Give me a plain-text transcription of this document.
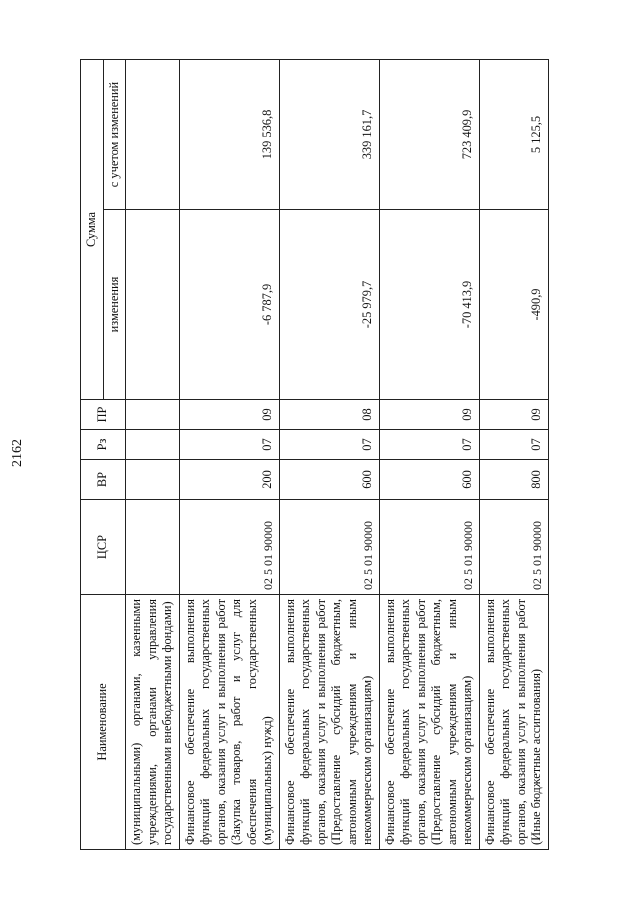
2162
Наименование	ЦСР	ВР	Рз	ПР	Сумма	
					изменения	с учетом изменений
(муниципальными) органами, казенными учреждениями, органами управления государственными внебюджетными фондами)						
Финансовое обеспечение выполнения функций федеральных государственных органов, оказания услуг и выполнения работ (Закупка товаров, работ и услуг для обеспечения государственных (муниципальных) нужд)	02 5 01 90000	200	07	09	-6 787,9	139 536,8
Финансовое обеспечение выполнения функций федеральных государственных органов, оказания услуг и выполнения работ (Предоставление субсидий бюджетным, автономным учреждениям и иным некоммерческим организациям)	02 5 01 90000	600	07	08	-25 979,7	339 161,7
Финансовое обеспечение выполнения функций федеральных государственных органов, оказания услуг и выполнения работ (Предоставление субсидий бюджетным, автономным учреждениям и иным некоммерческим организациям)	02 5 01 90000	600	07	09	-70 413,9	723 409,9
Финансовое обеспечение выполнения функций федеральных государственных органов, оказания услуг и выполнения работ (Иные бюджетные ассигнования)	02 5 01 90000	800	07	09	-490,9	5 125,5
